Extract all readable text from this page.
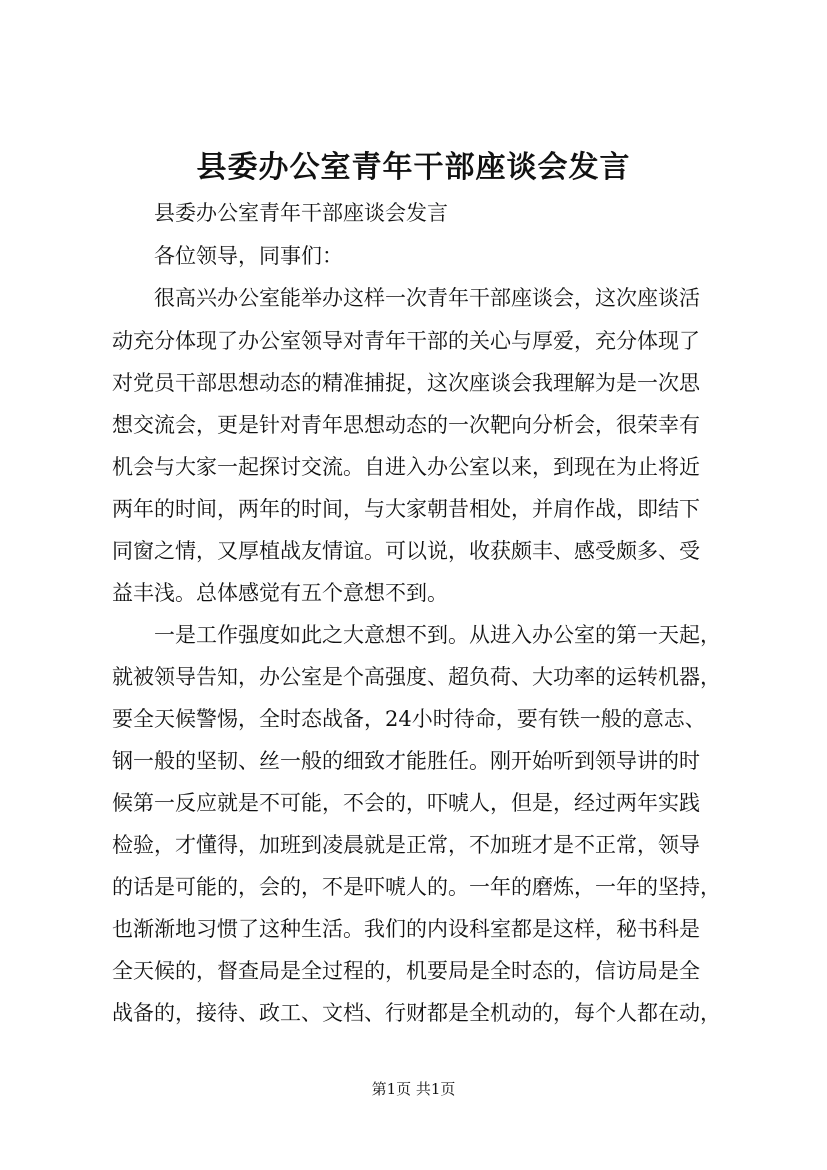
县委办公室青年干部座谈会发言
县委办公室青年干部座谈会发言
各位领导，同事们：
很高兴办公室能举办这样一次青年干部座谈会，这次座谈活
动充分体现了办公室领导对青年干部的关心与厚爱，充分体现了
对党员干部思想动态的精准捕捉，这次座谈会我理解为是一次思
想交流会，更是针对青年思想动态的一次靶向分析会，很荣幸有
机会与大家一起探讨交流。自进入办公室以来，到现在为止将近
两年的时间，两年的时间，与大家朝昔相处，并肩作战，即结下
同窗之情，又厚植战友情谊。可以说，收获颇丰、感受颇多、受
益丰浅。总体感觉有五个意想不到。
一是工作强度如此之大意想不到。从进入办公室的第一天起，
就被领导告知，办公室是个高强度、超负荷、大功率的运转机器，
要全天候警惕，全时态战备，24小时待命，要有铁一般的意志、
钢一般的坚韧、丝一般的细致才能胜任。刚开始听到领导讲的时
候第一反应就是不可能，不会的，吓唬人，但是，经过两年实践
检验，才懂得，加班到凌晨就是正常，不加班才是不正常，领导
的话是可能的，会的，不是吓唬人的。一年的磨炼，一年的坚持，
也渐渐地习惯了这种生活。我们的内设科室都是这样，秘书科是
全天候的，督查局是全过程的，机要局是全时态的，信访局是全
战备的，接待、政工、文档、行财都是全机动的，每个人都在动，
第1页 共1页
